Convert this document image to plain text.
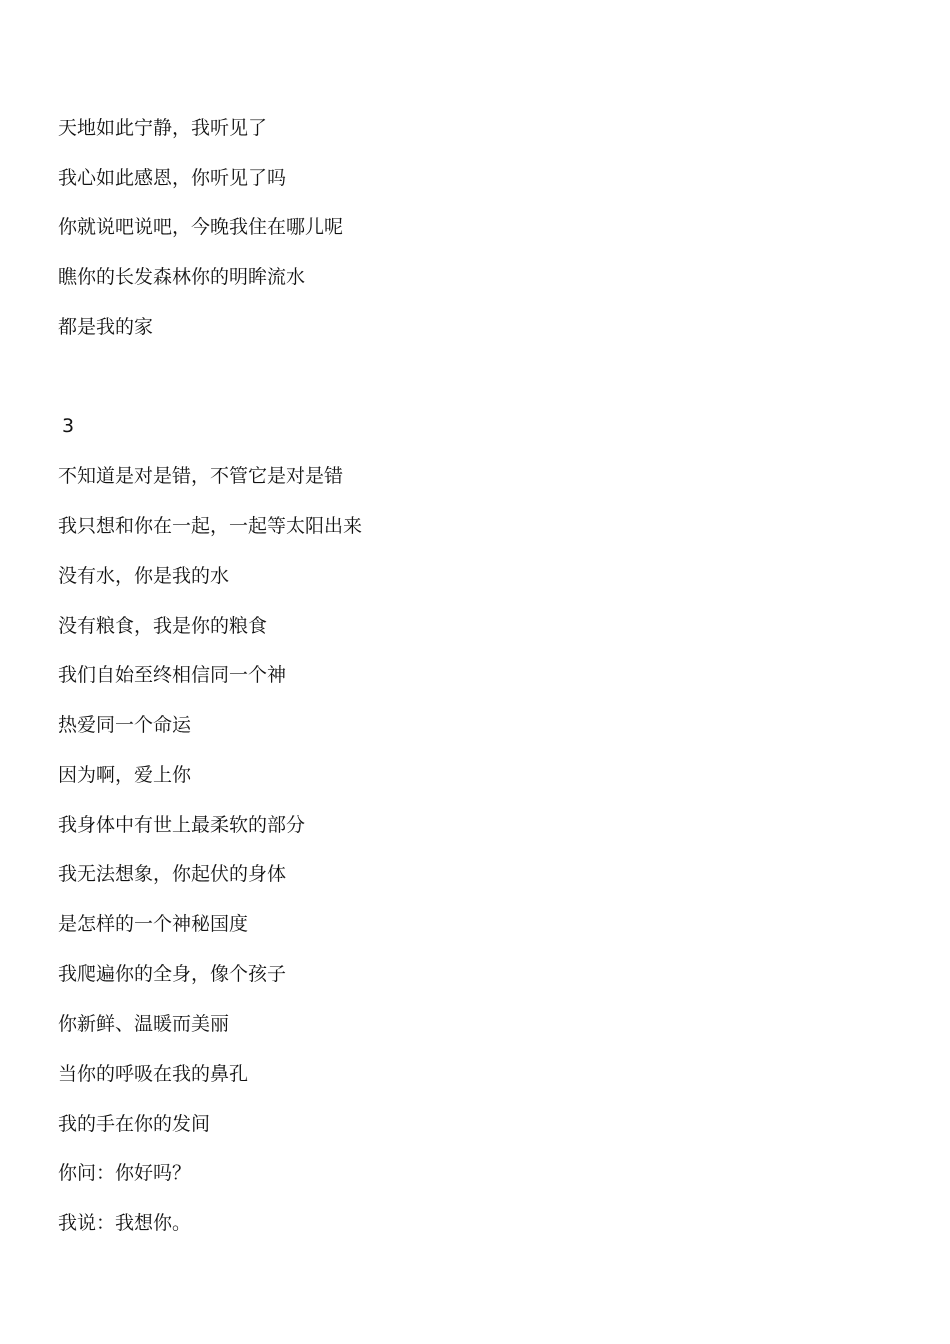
天地如此宁静，我听见了
我心如此感恩，你听见了吗
你就说吧说吧，今晚我住在哪儿呢
瞧你的长发森林你的明眸流水
都是我的家
3
不知道是对是错，不管它是对是错
我只想和你在一起，一起等太阳出来
没有水，你是我的水
没有粮食，我是你的粮食
我们自始至终相信同一个神
热爱同一个命运
因为啊，爱上你
我身体中有世上最柔软的部分
我无法想象，你起伏的身体
是怎样的一个神秘国度
我爬遍你的全身，像个孩子
你新鲜、温暖而美丽
当你的呼吸在我的鼻孔
我的手在你的发间
你问：你好吗？
我说：我想你。
